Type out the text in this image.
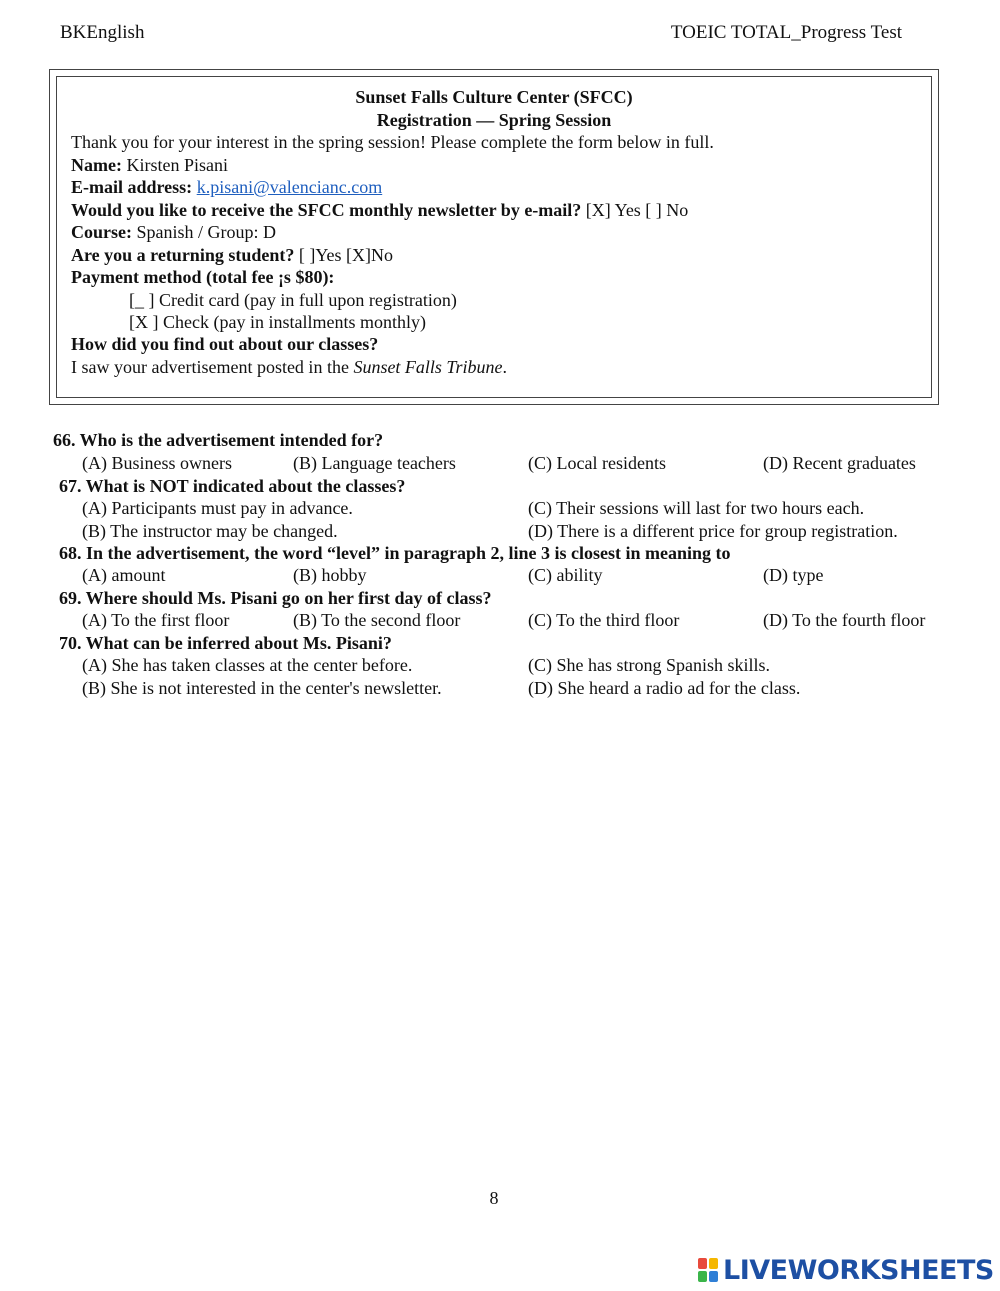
BKEnglish	TOEIC TOTAL_Progress Test
Sunset Falls Culture Center (SFCC)
Registration — Spring Session
Thank you for your interest in the spring session! Please complete the form below in full.
Name: Kirsten Pisani
E-mail address: k.pisani@valencianc.com
Would you like to receive the SFCC monthly newsletter by e-mail? [X] Yes [ ] No
Course: Spanish / Group: D
Are you a returning student? [ ]Yes [X]No
Payment method (total fee ¡s $80):
[_ ] Credit card (pay in full upon registration)
[X ] Check (pay in installments monthly)
How did you find out about our classes?
I saw your advertisement posted in the Sunset Falls Tribune.
66. Who is the advertisement intended for?
(A) Business owners	(B) Language teachers	(C) Local residents	(D) Recent graduates
67. What is NOT indicated about the classes?
(A) Participants must pay in advance.	(C) Their sessions will last for two hours each.
(B) The instructor may be changed.	(D) There is a different price for group registration.
68. In the advertisement, the word “level” in paragraph 2, line 3 is closest in meaning to
(A) amount	(B) hobby	(C) ability	(D) type
69. Where should Ms. Pisani go on her first day of class?
(A) To the first floor	(B) To the second floor	(C) To the third floor	(D) To the fourth floor
70. What can be inferred about Ms. Pisani?
(A) She has taken classes at the center before.	(C) She has strong Spanish skills.
(B) She is not interested in the center's newsletter.	(D) She heard a radio ad for the class.
8
LIVEWORKSHEETS
